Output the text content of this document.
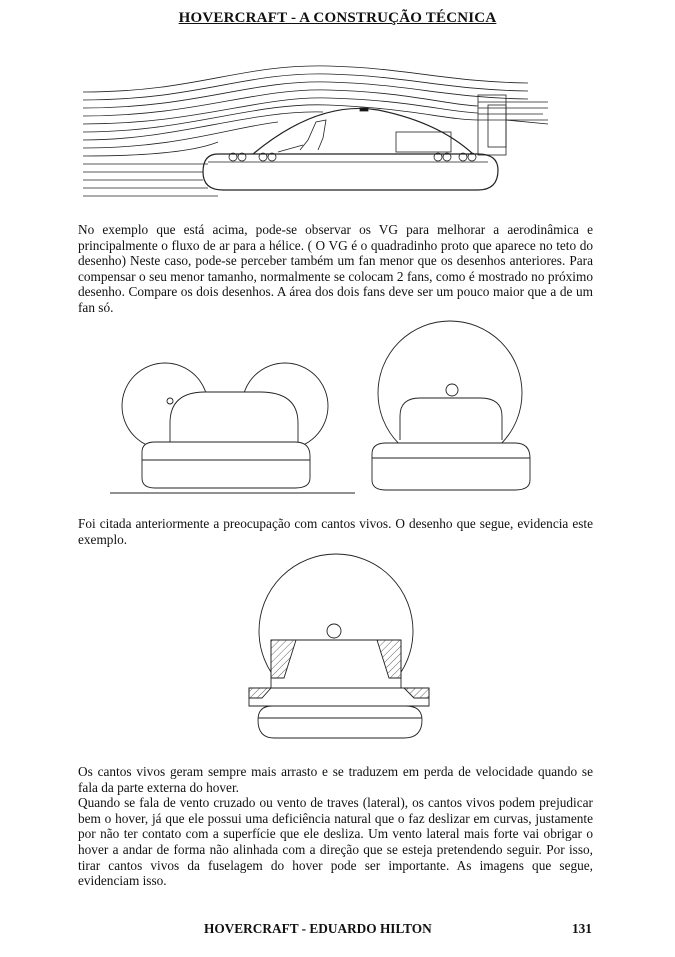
HOVERCRAFT - A CONSTRUÇÃO TÉCNICA

No exemplo que está acima, pode-se observar os VG para melhorar a aerodinâmica e principalmente o fluxo de ar para a hélice. ( O VG é o quadradinho proto que aparece no teto do desenho) Neste caso, pode-se perceber também um fan menor que os desenhos anteriores. Para compensar o seu menor tamanho, normalmente se colocam 2 fans, como é mostrado no próximo desenho. Compare os dois desenhos. A área dos dois fans deve ser um pouco maior que a de um fan só.

Foi citada anteriormente a preocupação com cantos vivos. O desenho que segue, evidencia este exemplo.

Os cantos vivos geram sempre mais arrasto e se traduzem em perda de velocidade quando se fala da parte externa do hover.

Quando se fala de vento cruzado ou vento de traves (lateral), os cantos vivos podem prejudicar bem o hover, já que ele possui uma deficiência natural que o faz deslizar em curvas, justamente por não ter contato com a superfície que ele desliza. Um vento lateral mais forte vai obrigar o hover a andar de forma não alinhada com a direção que se esteja pretendendo seguir. Por isso, tirar cantos vivos da fuselagem do hover pode ser importante. As imagens que segue, evidenciam isso.

HOVERCRAFT - EDUARDO HILTON	131
